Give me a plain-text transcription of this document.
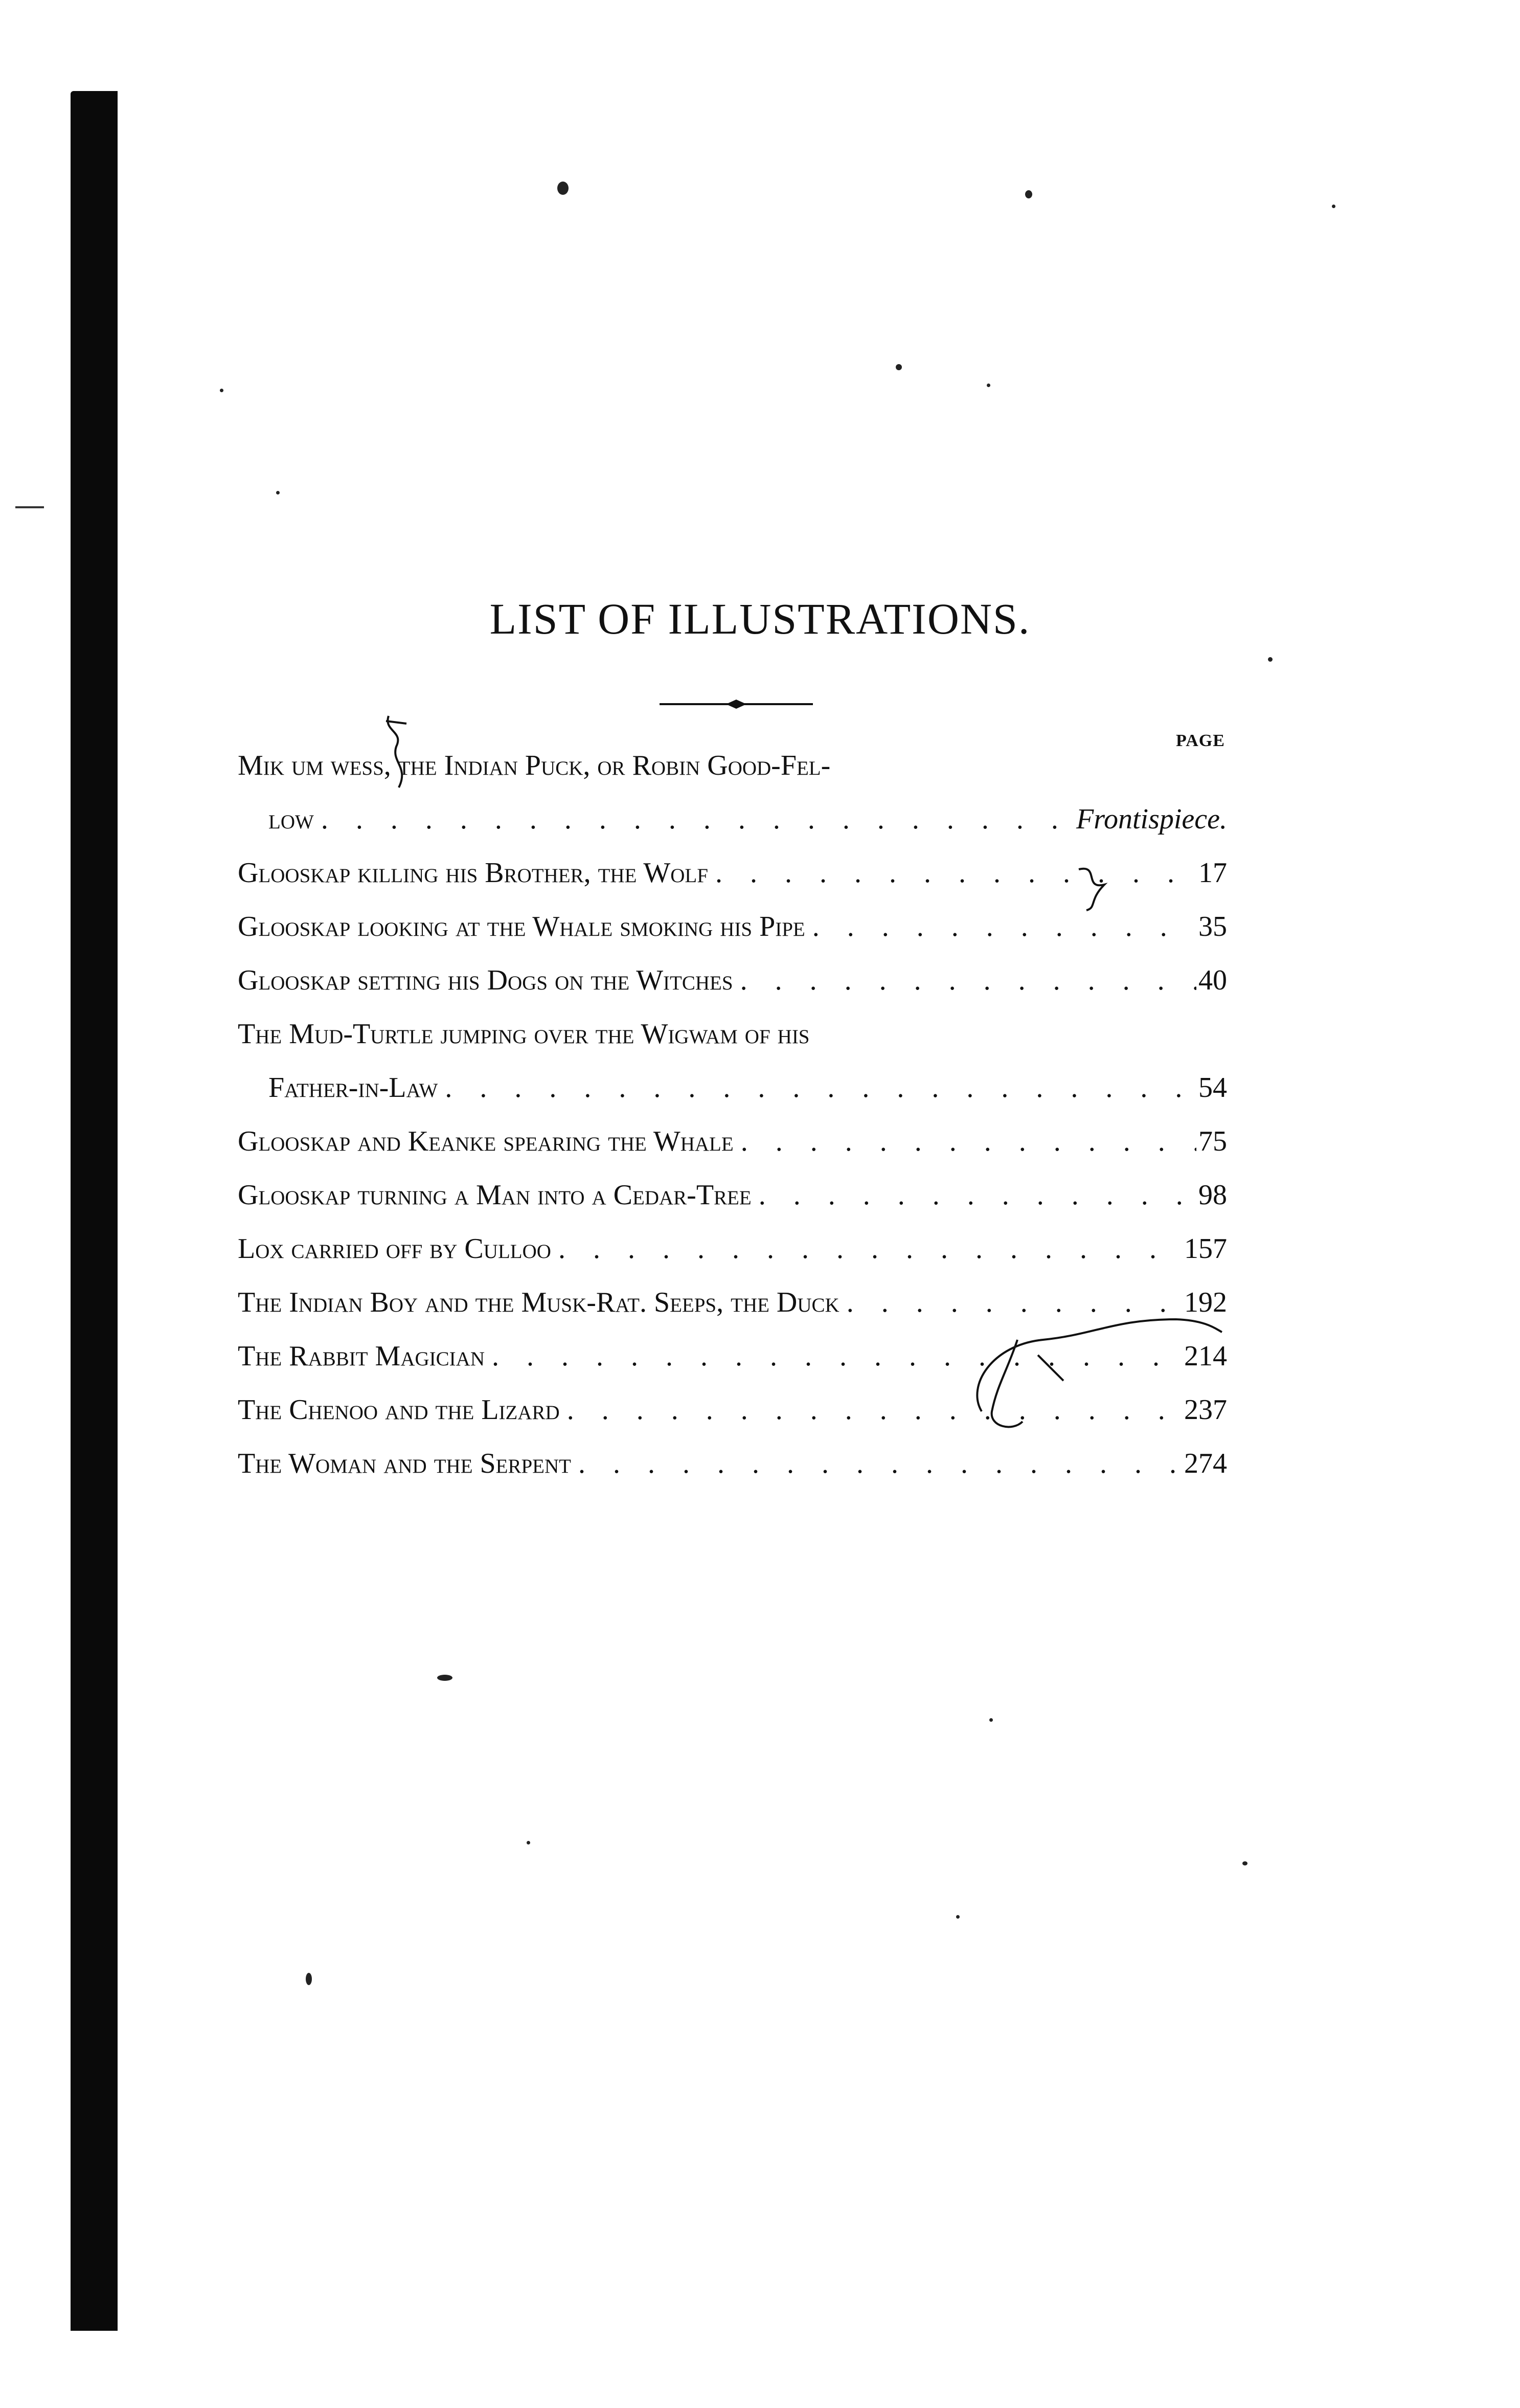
LIST OF ILLUSTRATIONS.
PAGE
Mik um wess, the Indian Puck, or Robin Good-Fel-
low . . .	Frontispiece.
Glooskap killing his Brother, the Wolf . . .	17
Glooskap looking at the Whale smoking his Pipe . . .	35
Glooskap setting his Dogs on the Witches . . .	40
The Mud-Turtle jumping over the Wigwam of his
Father-in-Law . . .	54
Glooskap and Keanke spearing the Whale . . .	75
Glooskap turning a Man into a Cedar-Tree . . .	98
Lox carried off by Culloo . . .	157
The Indian Boy and the Musk-Rat. Seeps, the Duck . . .	192
The Rabbit Magician . . .	214
The Chenoo and the Lizard . . .	237
The Woman and the Serpent . . .	274
